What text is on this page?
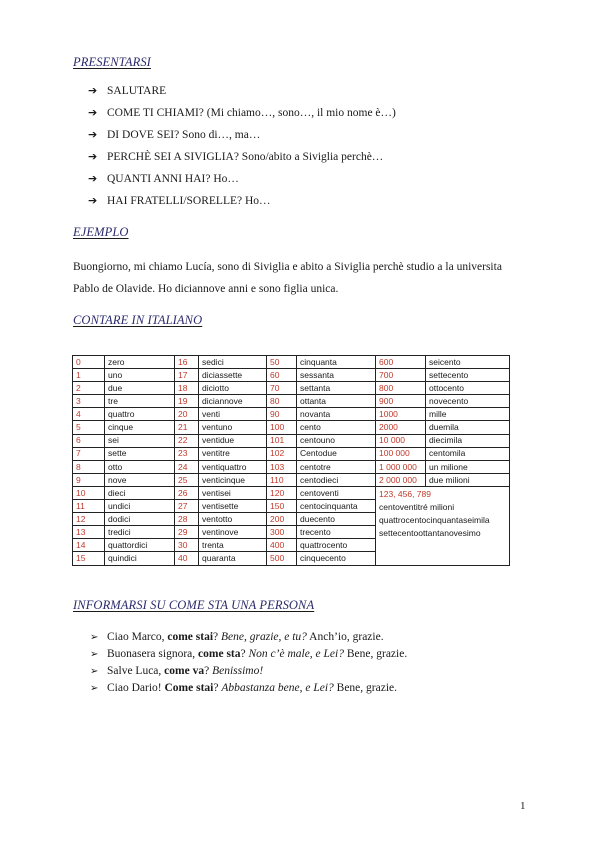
PRESENTARSI
➔ SALUTARE
➔ COME TI CHIAMI? (Mi chiamo…, sono…, il mio nome è…)
➔ DI DOVE SEI? Sono di…, ma…
➔ PERCHÈ SEI A SIVIGLIA? Sono/abito a Siviglia perchè…
➔ QUANTI ANNI HAI? Ho…
➔ HAI FRATELLI/SORELLE? Ho…
EJEMPLO

Buongiorno, mi chiamo Lucía, sono di Siviglia e abito a Siviglia perchè studio a la universita
Pablo de Olavide. Ho diciannove anni e sono figlia unica.

CONTARE IN ITALIANO
0	zero	16	sedici	50	cinquanta	600	seicento
1	uno	17	diciassette	60	sessanta	700	settecento
2	due	18	diciotto	70	settanta	800	ottocento
3	tre	19	diciannove	80	ottanta	900	novecento
4	quattro	20	venti	90	novanta	1000	mille
5	cinque	21	ventuno	100	cento	2000	duemila
6	sei	22	ventidue	101	centouno	10 000	diecimila
7	sette	23	ventitre	102	Centodue	100 000	centomila
8	otto	24	ventiquattro	103	centotre	1 000 000	un milione
9	nove	25	venticinque	110	centodieci	2 000 000	due milioni
10	dieci	26	ventisei	120	centoventi	123, 456, 789
centoventitré milioni
quattrocentocinquantaseimila
settecentoottantanovesimo	

11	undici	27	ventisette	150	centocinquanta		
12	dodici	28	ventotto	200	duecento		
13	tredici	29	ventinove	300	trecento		
14	quattordici	30	trenta	400	quattrocento		
15	quindici	40	quaranta	500	cinquecento		
INFORMARSI SU COME STA UNA PERSONA
➢ Ciao Marco, come stai? Bene, grazie, e tu? Anch’io, grazie.
➢ Buonasera signora, come sta? Non c’è male, e Lei? Bene, grazie.
➢ Salve Luca, come va? Benissimo!
➢ Ciao Dario! Come stai? Abbastanza bene, e Lei? Bene, grazie.
1
